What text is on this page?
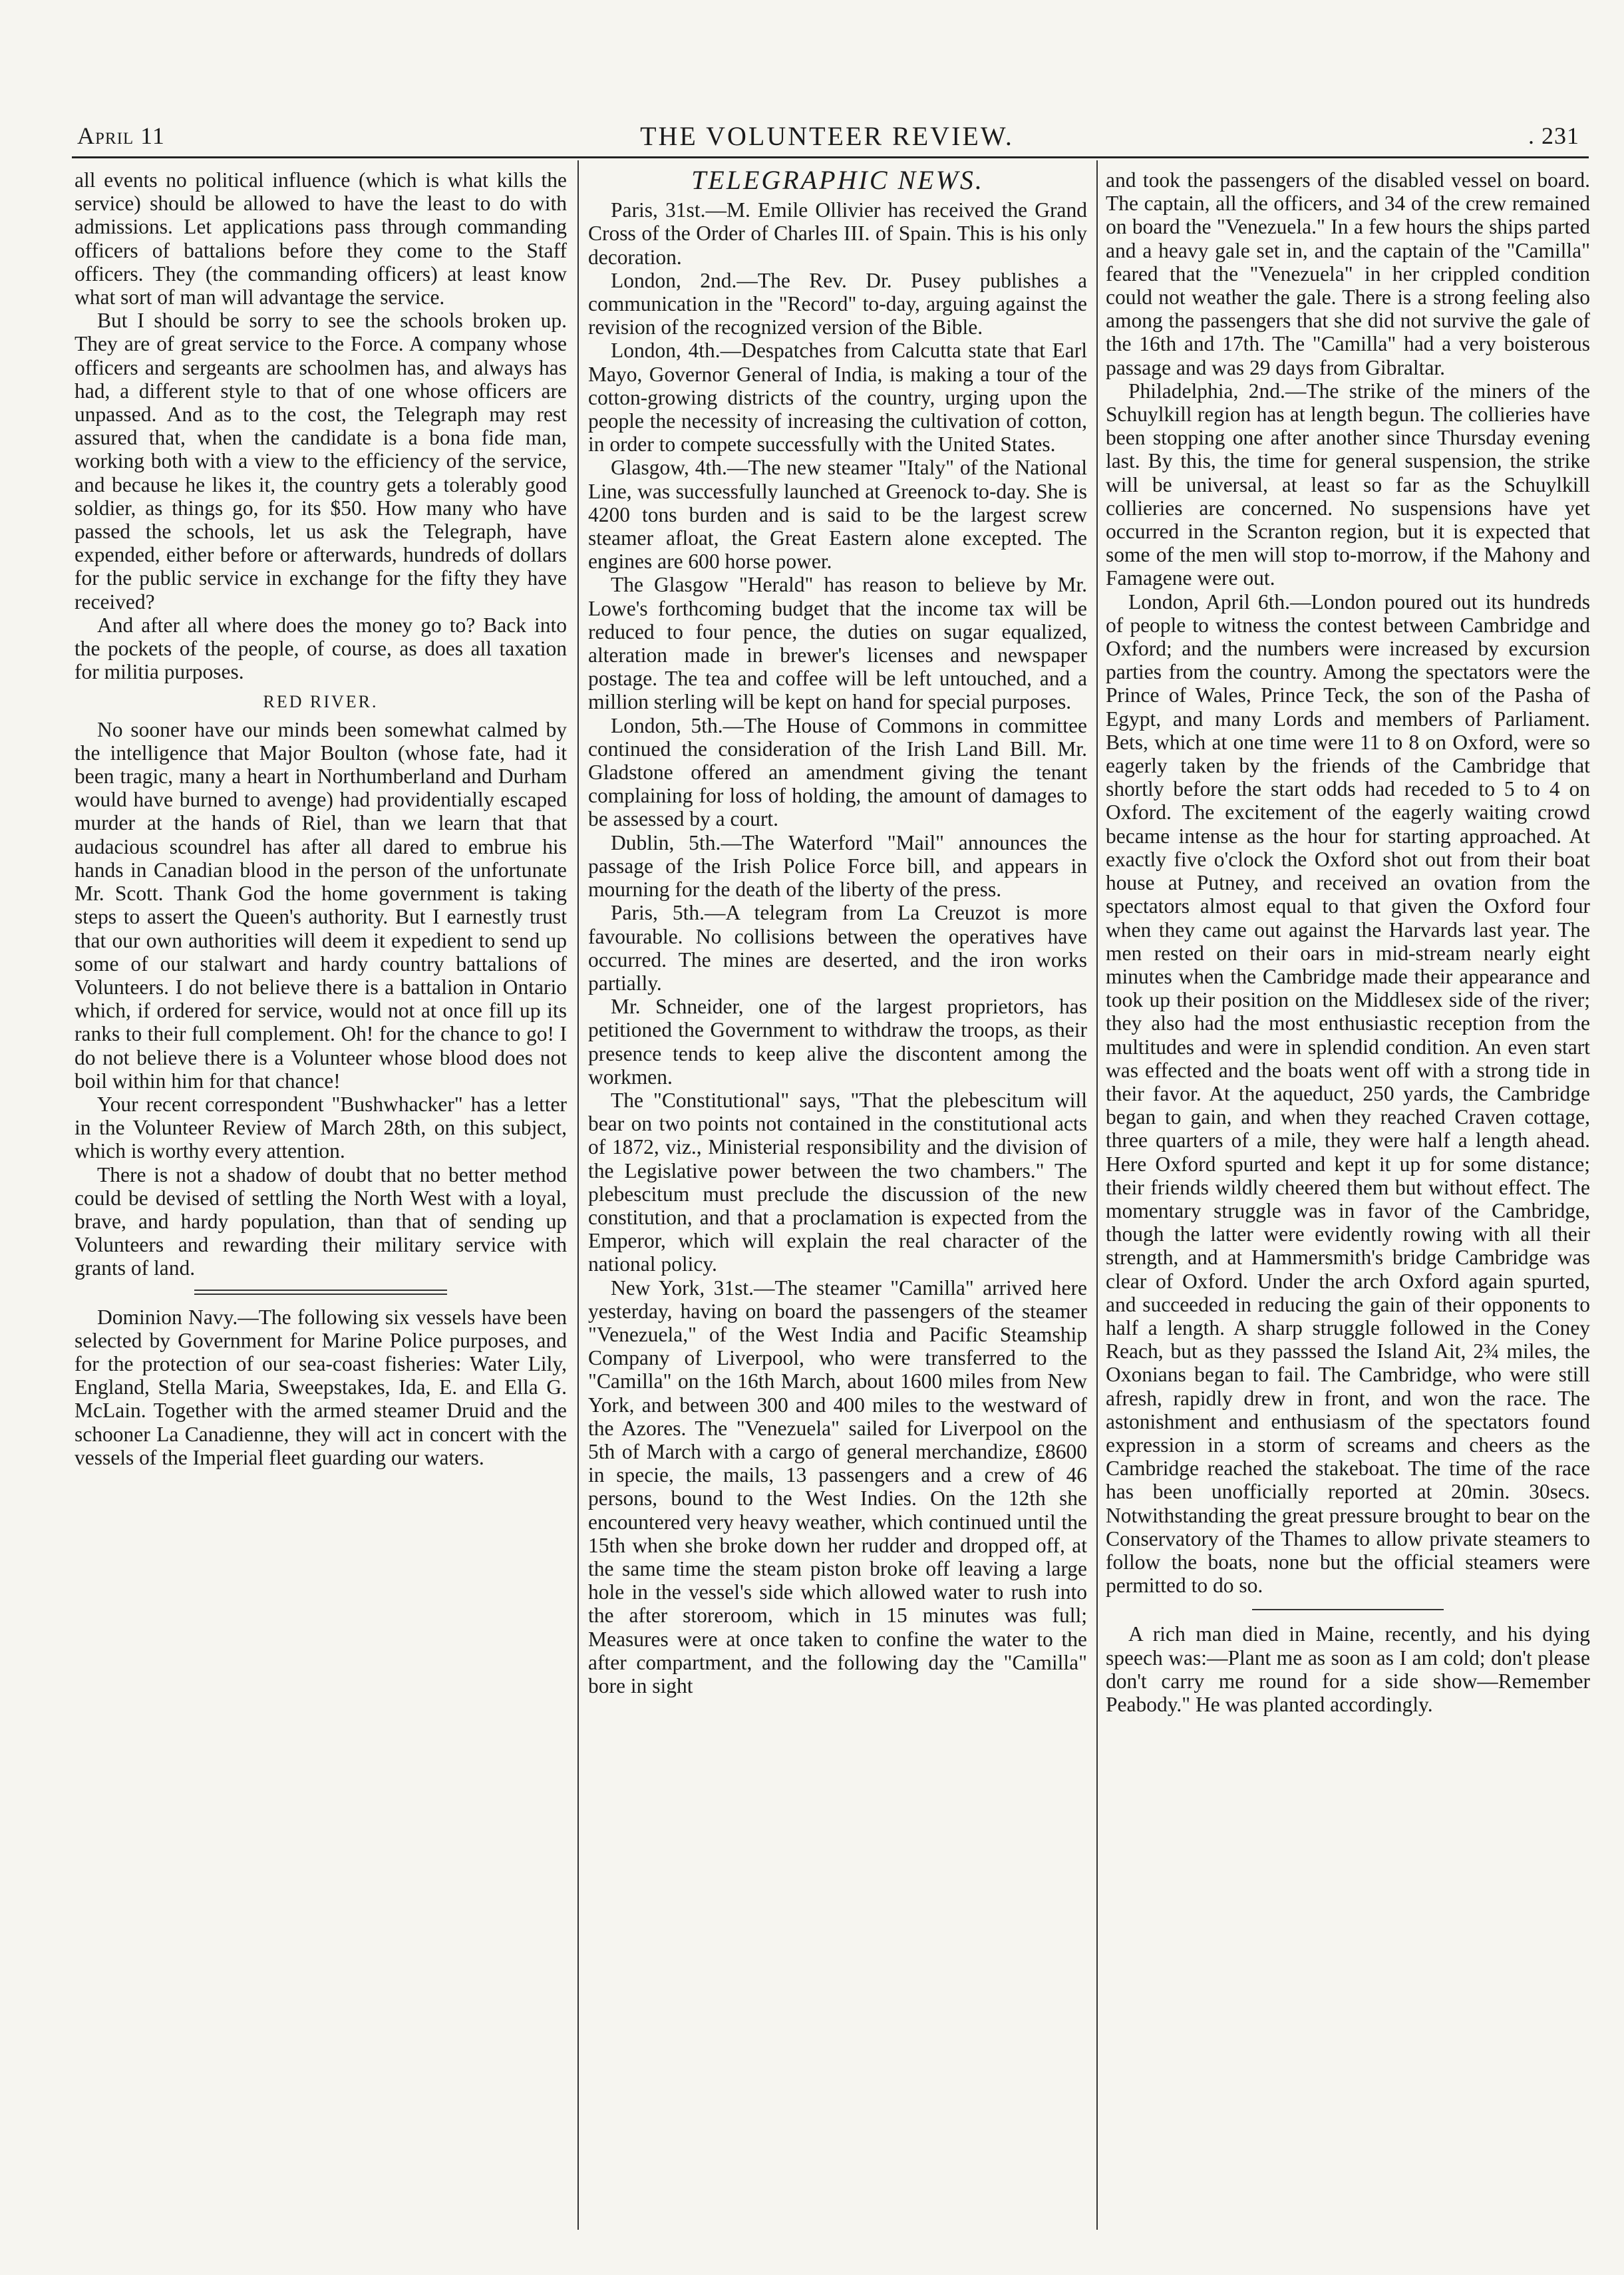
April 11	THE VOLUNTEER REVIEW.	. 231

all events no political influence (which is what kills the service) should be allowed to have the least to do with admissions. Let applications pass through commanding officers of battalions before they come to the Staff officers. They (the commanding officers) at least know what sort of man will advantage the service.

But I should be sorry to see the schools broken up. They are of great service to the Force. A company whose officers and sergeants are schoolmen has, and always has had, a different style to that of one whose officers are unpassed. And as to the cost, the Telegraph may rest assured that, when the candidate is a bona fide man, working both with a view to the efficiency of the service, and because he likes it, the country gets a tolerably good soldier, as things go, for its $50. How many who have passed the schools, let us ask the Telegraph, have expended, either before or afterwards, hundreds of dollars for the public service in exchange for the fifty they have received?

And after all where does the money go to? Back into the pockets of the people, of course, as does all taxation for militia purposes.

RED RIVER.

No sooner have our minds been somewhat calmed by the intelligence that Major Boulton (whose fate, had it been tragic, many a heart in Northumberland and Durham would have burned to avenge) had providentially escaped murder at the hands of Riel, than we learn that that audacious scoundrel has after all dared to embrue his hands in Canadian blood in the person of the unfortunate Mr. Scott. Thank God the home government is taking steps to assert the Queen's authority. But I earnestly trust that our own authorities will deem it expedient to send up some of our stalwart and hardy country battalions of Volunteers. I do not believe there is a battalion in Ontario which, if ordered for service, would not at once fill up its ranks to their full complement. Oh! for the chance to go! I do not believe there is a Volunteer whose blood does not boil within him for that chance!

Your recent correspondent "Bushwhacker" has a letter in the Volunteer Review of March 28th, on this subject, which is worthy every attention.

There is not a shadow of doubt that no better method could be devised of settling the North West with a loyal, brave, and hardy population, than that of sending up Volunteers and rewarding their military service with grants of land.

Dominion Navy.—The following six vessels have been selected by Government for Marine Police purposes, and for the protection of our sea-coast fisheries: Water Lily, England, Stella Maria, Sweepstakes, Ida, E. and Ella G. McLain. Together with the armed steamer Druid and the schooner La Canadienne, they will act in concert with the vessels of the Imperial fleet guarding our waters.

TELEGRAPHIC NEWS.

Paris, 31st.—M. Emile Ollivier has received the Grand Cross of the Order of Charles III. of Spain. This is his only decoration.

London, 2nd.—The Rev. Dr. Pusey publishes a communication in the "Record" to-day, arguing against the revision of the recognized version of the Bible.

London, 4th.—Despatches from Calcutta state that Earl Mayo, Governor General of India, is making a tour of the cotton-growing districts of the country, urging upon the people the necessity of increasing the cultivation of cotton, in order to compete successfully with the United States.

Glasgow, 4th.—The new steamer "Italy" of the National Line, was successfully launched at Greenock to-day. She is 4200 tons burden and is said to be the largest screw steamer afloat, the Great Eastern alone excepted. The engines are 600 horse power.

The Glasgow "Herald" has reason to believe by Mr. Lowe's forthcoming budget that the income tax will be reduced to four pence, the duties on sugar equalized, alteration made in brewer's licenses and newspaper postage. The tea and coffee will be left untouched, and a million sterling will be kept on hand for special purposes.

London, 5th.—The House of Commons in committee continued the consideration of the Irish Land Bill. Mr. Gladstone offered an amendment giving the tenant complaining for loss of holding, the amount of damages to be assessed by a court.

Dublin, 5th.—The Waterford "Mail" announces the passage of the Irish Police Force bill, and appears in mourning for the death of the liberty of the press.

Paris, 5th.—A telegram from La Creuzot is more favourable. No collisions between the operatives have occurred. The mines are deserted, and the iron works partially.

Mr. Schneider, one of the largest proprietors, has petitioned the Government to withdraw the troops, as their presence tends to keep alive the discontent among the workmen.

The "Constitutional" says, "That the plebescitum will bear on two points not contained in the constitutional acts of 1872, viz., Ministerial responsibility and the division of the Legislative power between the two chambers." The plebescitum must preclude the discussion of the new constitution, and that a proclamation is expected from the Emperor, which will explain the real character of the national policy.

New York, 31st.—The steamer "Camilla" arrived here yesterday, having on board the passengers of the steamer "Venezuela," of the West India and Pacific Steamship Company of Liverpool, who were transferred to the "Camilla" on the 16th March, about 1600 miles from New York, and between 300 and 400 miles to the westward of the Azores. The "Venezuela" sailed for Liverpool on the 5th of March with a cargo of general merchandize, £8600 in specie, the mails, 13 passengers and a crew of 46 persons, bound to the West Indies. On the 12th she encountered very heavy weather, which continued until the 15th when she broke down her rudder and dropped off, at the same time the steam piston broke off leaving a large hole in the vessel's side which allowed water to rush into the after storeroom, which in 15 minutes was full; Measures were at once taken to confine the water to the after compartment, and the following day the "Camilla" bore in sight

and took the passengers of the disabled vessel on board. The captain, all the officers, and 34 of the crew remained on board the "Venezuela." In a few hours the ships parted and a heavy gale set in, and the captain of the "Camilla" feared that the "Venezuela" in her crippled condition could not weather the gale. There is a strong feeling also among the passengers that she did not survive the gale of the 16th and 17th. The "Camilla" had a very boisterous passage and was 29 days from Gibraltar.

Philadelphia, 2nd.—The strike of the miners of the Schuylkill region has at length begun. The collieries have been stopping one after another since Thursday evening last. By this, the time for general suspension, the strike will be universal, at least so far as the Schuylkill collieries are concerned. No suspensions have yet occurred in the Scranton region, but it is expected that some of the men will stop to-morrow, if the Mahony and Famagene were out.

London, April 6th.—London poured out its hundreds of people to witness the contest between Cambridge and Oxford; and the numbers were increased by excursion parties from the country. Among the spectators were the Prince of Wales, Prince Teck, the son of the Pasha of Egypt, and many Lords and members of Parliament. Bets, which at one time were 11 to 8 on Oxford, were so eagerly taken by the friends of the Cambridge that shortly before the start odds had receded to 5 to 4 on Oxford. The excitement of the eagerly waiting crowd became intense as the hour for starting approached. At exactly five o'clock the Oxford shot out from their boat house at Putney, and received an ovation from the spectators almost equal to that given the Oxford four when they came out against the Harvards last year. The men rested on their oars in mid-stream nearly eight minutes when the Cambridge made their appearance and took up their position on the Middlesex side of the river; they also had the most enthusiastic reception from the multitudes and were in splendid condition. An even start was effected and the boats went off with a strong tide in their favor. At the aqueduct, 250 yards, the Cambridge began to gain, and when they reached Craven cottage, three quarters of a mile, they were half a length ahead. Here Oxford spurted and kept it up for some distance; their friends wildly cheered them but without effect. The momentary struggle was in favor of the Cambridge, though the latter were evidently rowing with all their strength, and at Hammersmith's bridge Cambridge was clear of Oxford. Under the arch Oxford again spurted, and succeeded in reducing the gain of their opponents to half a length. A sharp struggle followed in the Coney Reach, but as they passsed the Island Ait, 2¾ miles, the Oxonians began to fail. The Cambridge, who were still afresh, rapidly drew in front, and won the race. The astonishment and enthusiasm of the spectators found expression in a storm of screams and cheers as the Cambridge reached the stakeboat. The time of the race has been unofficially reported at 20min. 30secs. Notwithstanding the great pressure brought to bear on the Conservatory of the Thames to allow private steamers to follow the boats, none but the official steamers were permitted to do so.

A rich man died in Maine, recently, and his dying speech was:—Plant me as soon as I am cold; don't please don't carry me round for a side show—Remember Peabody." He was planted accordingly.
